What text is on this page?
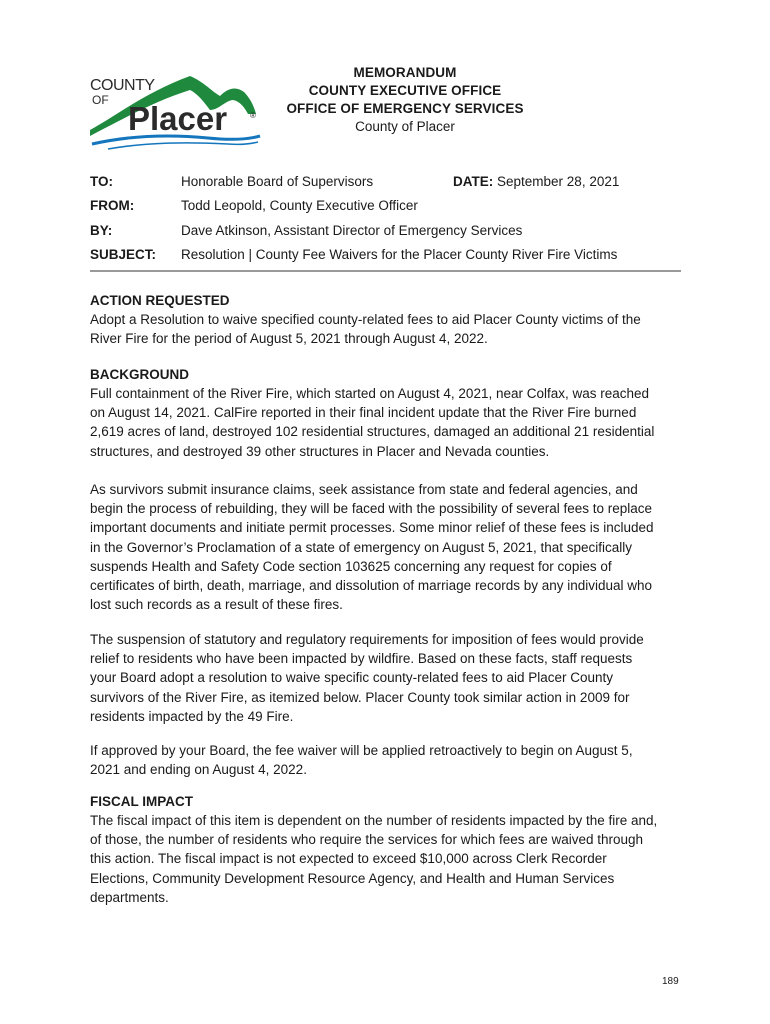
COUNTY
OF Placer	®
MEMORANDUM
COUNTY EXECUTIVE OFFICE
OFFICE OF EMERGENCY SERVICES
County of Placer
TO:	Honorable Board of Supervisors	DATE: September 28, 2021
FROM:	Todd Leopold, County Executive Officer
BY:	Dave Atkinson, Assistant Director of Emergency Services
SUBJECT: Resolution | County Fee Waivers for the Placer County River Fire Victims

ACTION REQUESTED

Adopt a Resolution to waive specified county-related fees to aid Placer County victims of the
River Fire for the period of August 5, 2021 through August 4, 2022.

BACKGROUND

Full containment of the River Fire, which started on August 4, 2021, near Colfax, was reached
on August 14, 2021. CalFire reported in their final incident update that the River Fire burned
2,619 acres of land, destroyed 102 residential structures, damaged an additional 21 residential
structures, and destroyed 39 other structures in Placer and Nevada counties.

As survivors submit insurance claims, seek assistance from state and federal agencies, and
begin the process of rebuilding, they will be faced with the possibility of several fees to replace
important documents and initiate permit processes. Some minor relief of these fees is included
in the Governor’s Proclamation of a state of emergency on August 5, 2021, that specifically
suspends Health and Safety Code section 103625 concerning any request for copies of
certificates of birth, death, marriage, and dissolution of marriage records by any individual who
lost such records as a result of these fires.

The suspension of statutory and regulatory requirements for imposition of fees would provide
relief to residents who have been impacted by wildfire. Based on these facts, staff requests
your Board adopt a resolution to waive specific county-related fees to aid Placer County
survivors of the River Fire, as itemized below. Placer County took similar action in 2009 for
residents impacted by the 49 Fire.

If approved by your Board, the fee waiver will be applied retroactively to begin on August 5,
2021 and ending on August 4, 2022.

FISCAL IMPACT

The fiscal impact of this item is dependent on the number of residents impacted by the fire and,
of those, the number of residents who require the services for which fees are waived through
this action. The fiscal impact is not expected to exceed $10,000 across Clerk Recorder
Elections, Community Development Resource Agency, and Health and Human Services
departments.

189
